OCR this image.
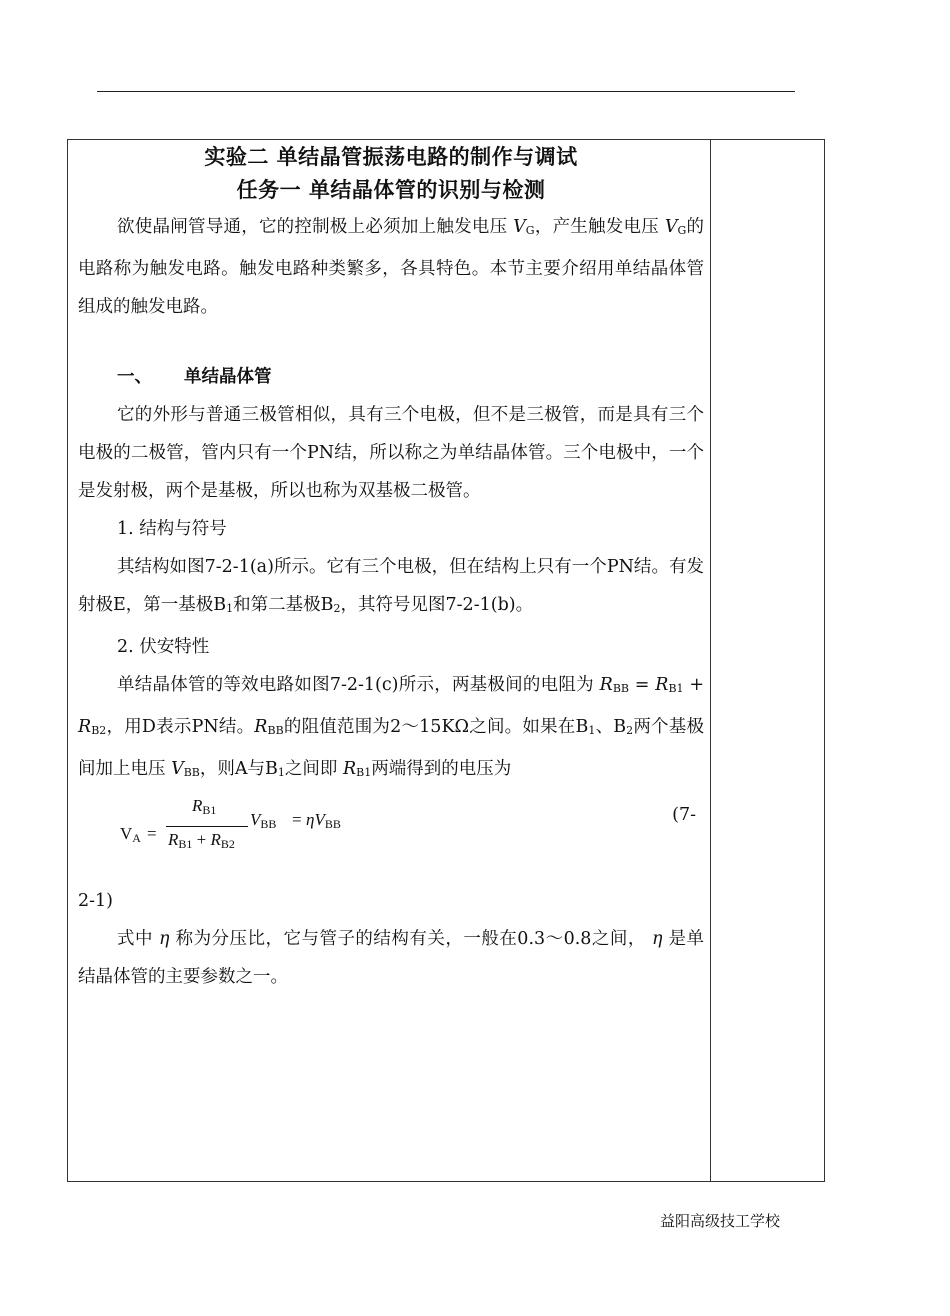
实验二 单结晶管振荡电路的制作与调试
任务一 单结晶体管的识别与检测

欲使晶闸管导通，它的控制极上必须加上触发电压 VG，产生触发电压 VG的电路称为触发电路。触发电路种类繁多，各具特色。本节主要介绍用单结晶体管组成的触发电路。

一、 单结晶体管

它的外形与普通三极管相似，具有三个电极，但不是三极管，而是具有三个电极的二极管，管内只有一个PN结，所以称之为单结晶体管。三个电极中，一个是发射极，两个是基极，所以也称为双基极二极管。

1. 结构与符号

其结构如图7-2-1(a)所示。它有三个电极，但在结构上只有一个PN结。有发射极E，第一基极B1和第二基极B2，其符号见图7-2-1(b)。

2. 伏安特性

单结晶体管的等效电路如图7-2-1(c)所示，两基极间的电阻为 RBB = RB1 + RB2，用D表示PN结。RBB的阻值范围为2～15KΩ之间。如果在B1、B2两个基极间加上电压 VBB，则A与B1之间即 RB1两端得到的电压为

VA =
RB1
RB1 + RB2
VBB = ηVBB	(7-

2-1)

式中 η 称为分压比，它与管子的结构有关，一般在0.3～0.8之间， η 是单结晶体管的主要参数之一。

益阳高级技工学校
